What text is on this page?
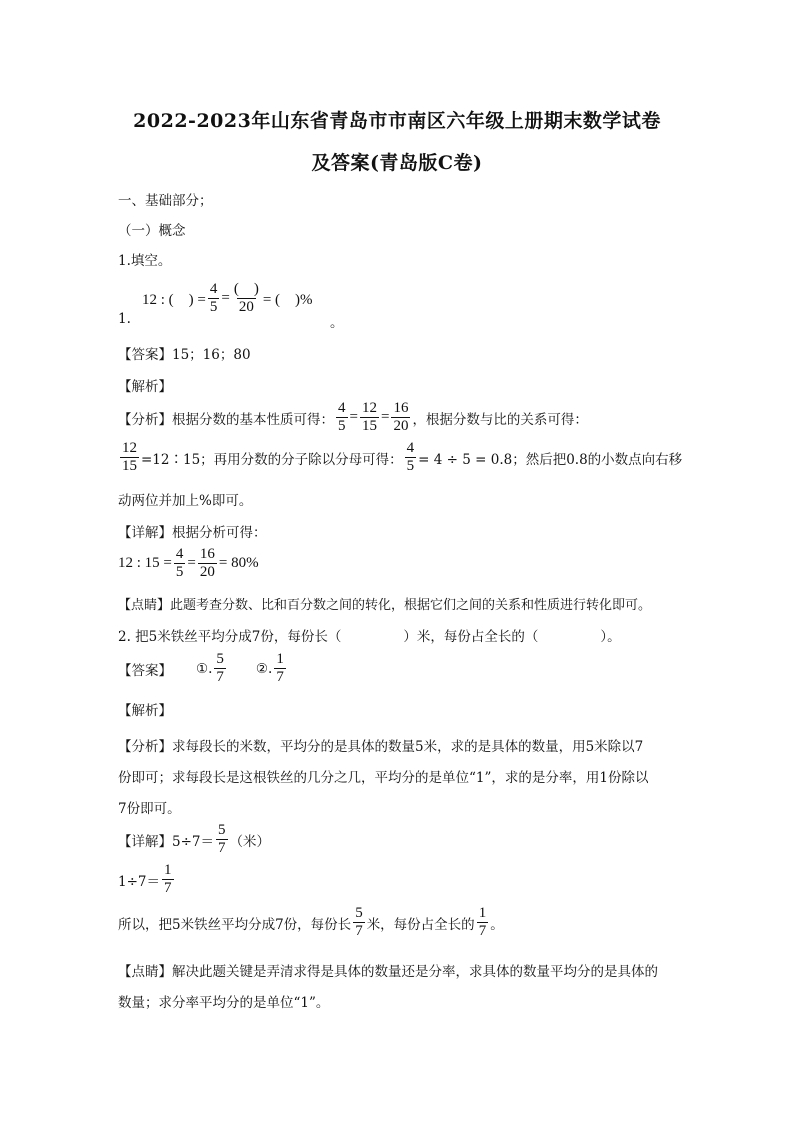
2022-2023年山东省青岛市市南区六年级上册期末数学试卷
及答案(青岛版C卷)
一、基础部分；
（一）概念
1.填空。
1.
12 : (　) = $\frac{4}{5} = \frac{( )}{20}$ = (　)%
。
【答案】15；16；80
【解析】
【分析】根据分数的基本性质可得： $\frac{4}{5} = \frac{12}{15} = \frac{16}{20}$ ，根据分数与比的关系可得：
$\frac{12}{15}$ =12∶15；再用分数的分子除以分母可得： $\frac{4}{5} = 4 \div 5 = 0.8$；然后把0.8的小数点向右移
动两位并加上%即可。
【详解】根据分析可得：
12 : $15 = \frac{4}{5} = \frac{16}{20} = 80\%$
【点睛】此题考查分数、比和百分数之间的转化，根据它们之间的关系和性质进行转化即可。
2. 把5米铁丝平均分成7份，每份长（	）米，每份占全长的（	）。
【答案】 ①. $\frac{5}{7}$ ②. $\frac{1}{7}$
【解析】
【分析】求每段长的米数，平均分的是具体的数量5米，求的是具体的数量，用5米除以7
份即可；求每段长是这根铁丝的几分之几，平均分的是单位“1”，求的是分率，用1份除以
7份即可。
【详解】$5\div 7= \frac{5}{7}$ （米）
$1\div 7= \frac{1}{7}$
所以，把5米铁丝平均分成7份，每份长 $\frac{5}{7}$ 米，每份占全长的 $\frac{1}{7}$ 。
【点睛】解决此题关键是弄清求得是具体的数量还是分率，求具体的数量平均分的是具体的
数量；求分率平均分的是单位“1”。
